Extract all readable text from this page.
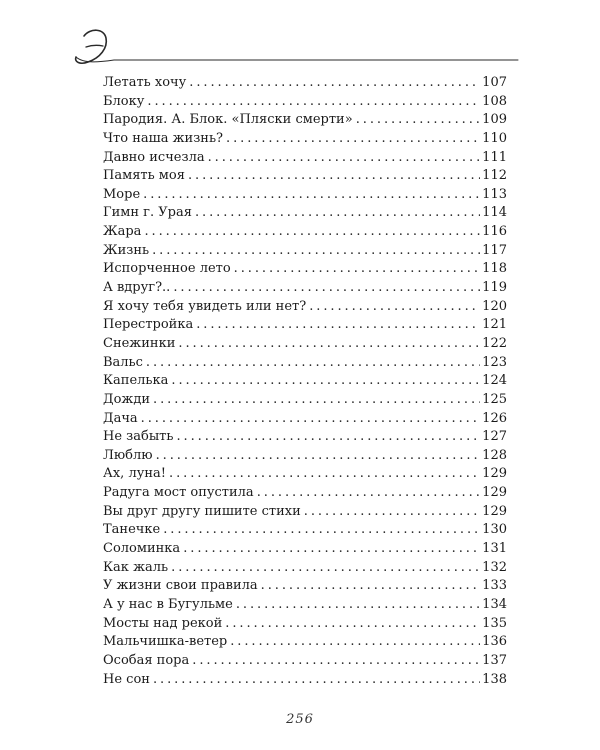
Летать хочу . . .	107
Блоку . . .	108
Пародия. А. Блок. «Пляски смерти» . . .	109
Что наша жизнь? . . .	110
Давно исчезла . . .	111
Память моя . . .	112
Море . . .	113
Гимн г. Урая . . .	114
Жара . . .	116
Жизнь . . .	117
Испорченное лето . . .	118
А вдруг?.. . . .	119
Я хочу тебя увидеть или нет? . . .	120
Перестройка . . .	121
Снежинки . . .	122
Вальс . . .	123
Капелька . . .	124
Дожди . . .	125
Дача . . .	126
Не забыть . . .	127
Люблю . . .	128
Ах, луна! . . .	129
Радуга мост опустила . . .	129
Вы друг другу пишите стихи . . .	129
Танечке . . .	130
Соломинка . . .	131
Как жаль . . .	132
У жизни свои правила . . .	133
А у нас в Бугульме . . .	134
Мосты над рекой . . .	135
Мальчишка-ветер . . .	136
Особая пора . . .	137
Не сон . . .	138
256
